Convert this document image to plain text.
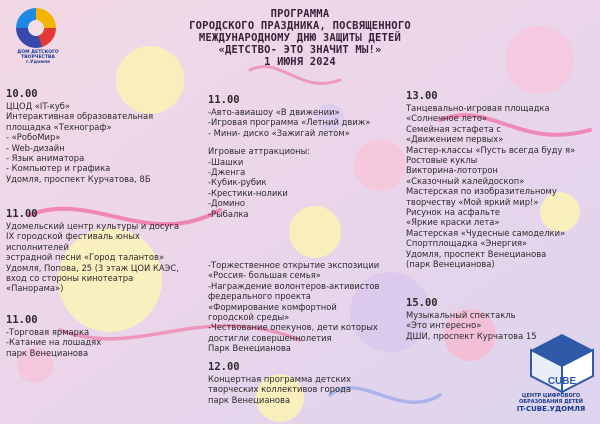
ДОМ ДЕТСКОГО
ТВОРЧЕСТВА
г.Удомля
ПРОГРАММА
ГОРОДСКОГО ПРАЗДНИКА, ПОСВЯЩЕННОГО
МЕЖДУНАРОДНОМУ ДНЮ ЗАЩИТЫ ДЕТЕЙ
«ДЕТСТВО- ЭТО ЗНАЧИТ МЫ!»
1 ИЮНЯ 2024
10.00
ЦЦОД «IT-куб»
Интерактивная образовательная
площадка «Технограф»
- «РобоМир»
- Web-дизайн
- Язык аниматора
- Компьютер и графика
Удомля, проспект Курчатова, 8Б
11.00
Удомельский центр культуры и досуга
IX городской фестиваль юных
исполнителей
эстрадной песни «Город талантов»
Удомля, Попова, 25 (3 этаж ЦОИ КАЭС,
вход со стороны кинотеатра
«Панорама»)
11.00
-Торговая ярмарка
-Катание на лошадях
парк Венецианова
11.00
-Авто-авиашоу «В движении»
-Игровая программа «Летний движ»
- Мини- диско «Зажигай летом»
Игровые аттракционы:
-Шашки
-Дженга
-Кубик-рубик
-Крестики-нолики
-Домино
-Рыбалка
-Торжественное открытие экспозиции
«Россия- большая семья»
-Награждение волонтеров-активистов
федерального проекта
«Формирование комфортной
городской среды»
-Чествование опекунов, дети которых
достигли совершеннолетия
Парк Венецианова
12.00
Концертная программа детских
творческих коллективов города
парк Венецианова
13.00
Танцевально-игровая площадка
«Солнечное лето»
Семейная эстафета с
«Движением первых»
Мастер-классы «Пусть всегда буду я»
Ростовые куклы
Викторина-лототрон
«Сказочный калейдоскоп»
Мастерская по изобразительному
творчеству «Мой яркий мир!»
Рисунок на асфальте
«Яркие краски лета»
Мастерская «Чудесные самоделки»
Спортплощадка «Энергия»
Удомля, проспект Венецианова
(парк Венецианова)
15.00
Музыкальный спектакль
«Это интересно»
ДШИ, проспект Курчатова 15
CUBE
ЦЕНТР ЦИФРОВОГО
ОБРАЗОВАНИЯ ДЕТЕЙ
IT-CUBE.УДОМЛЯ
